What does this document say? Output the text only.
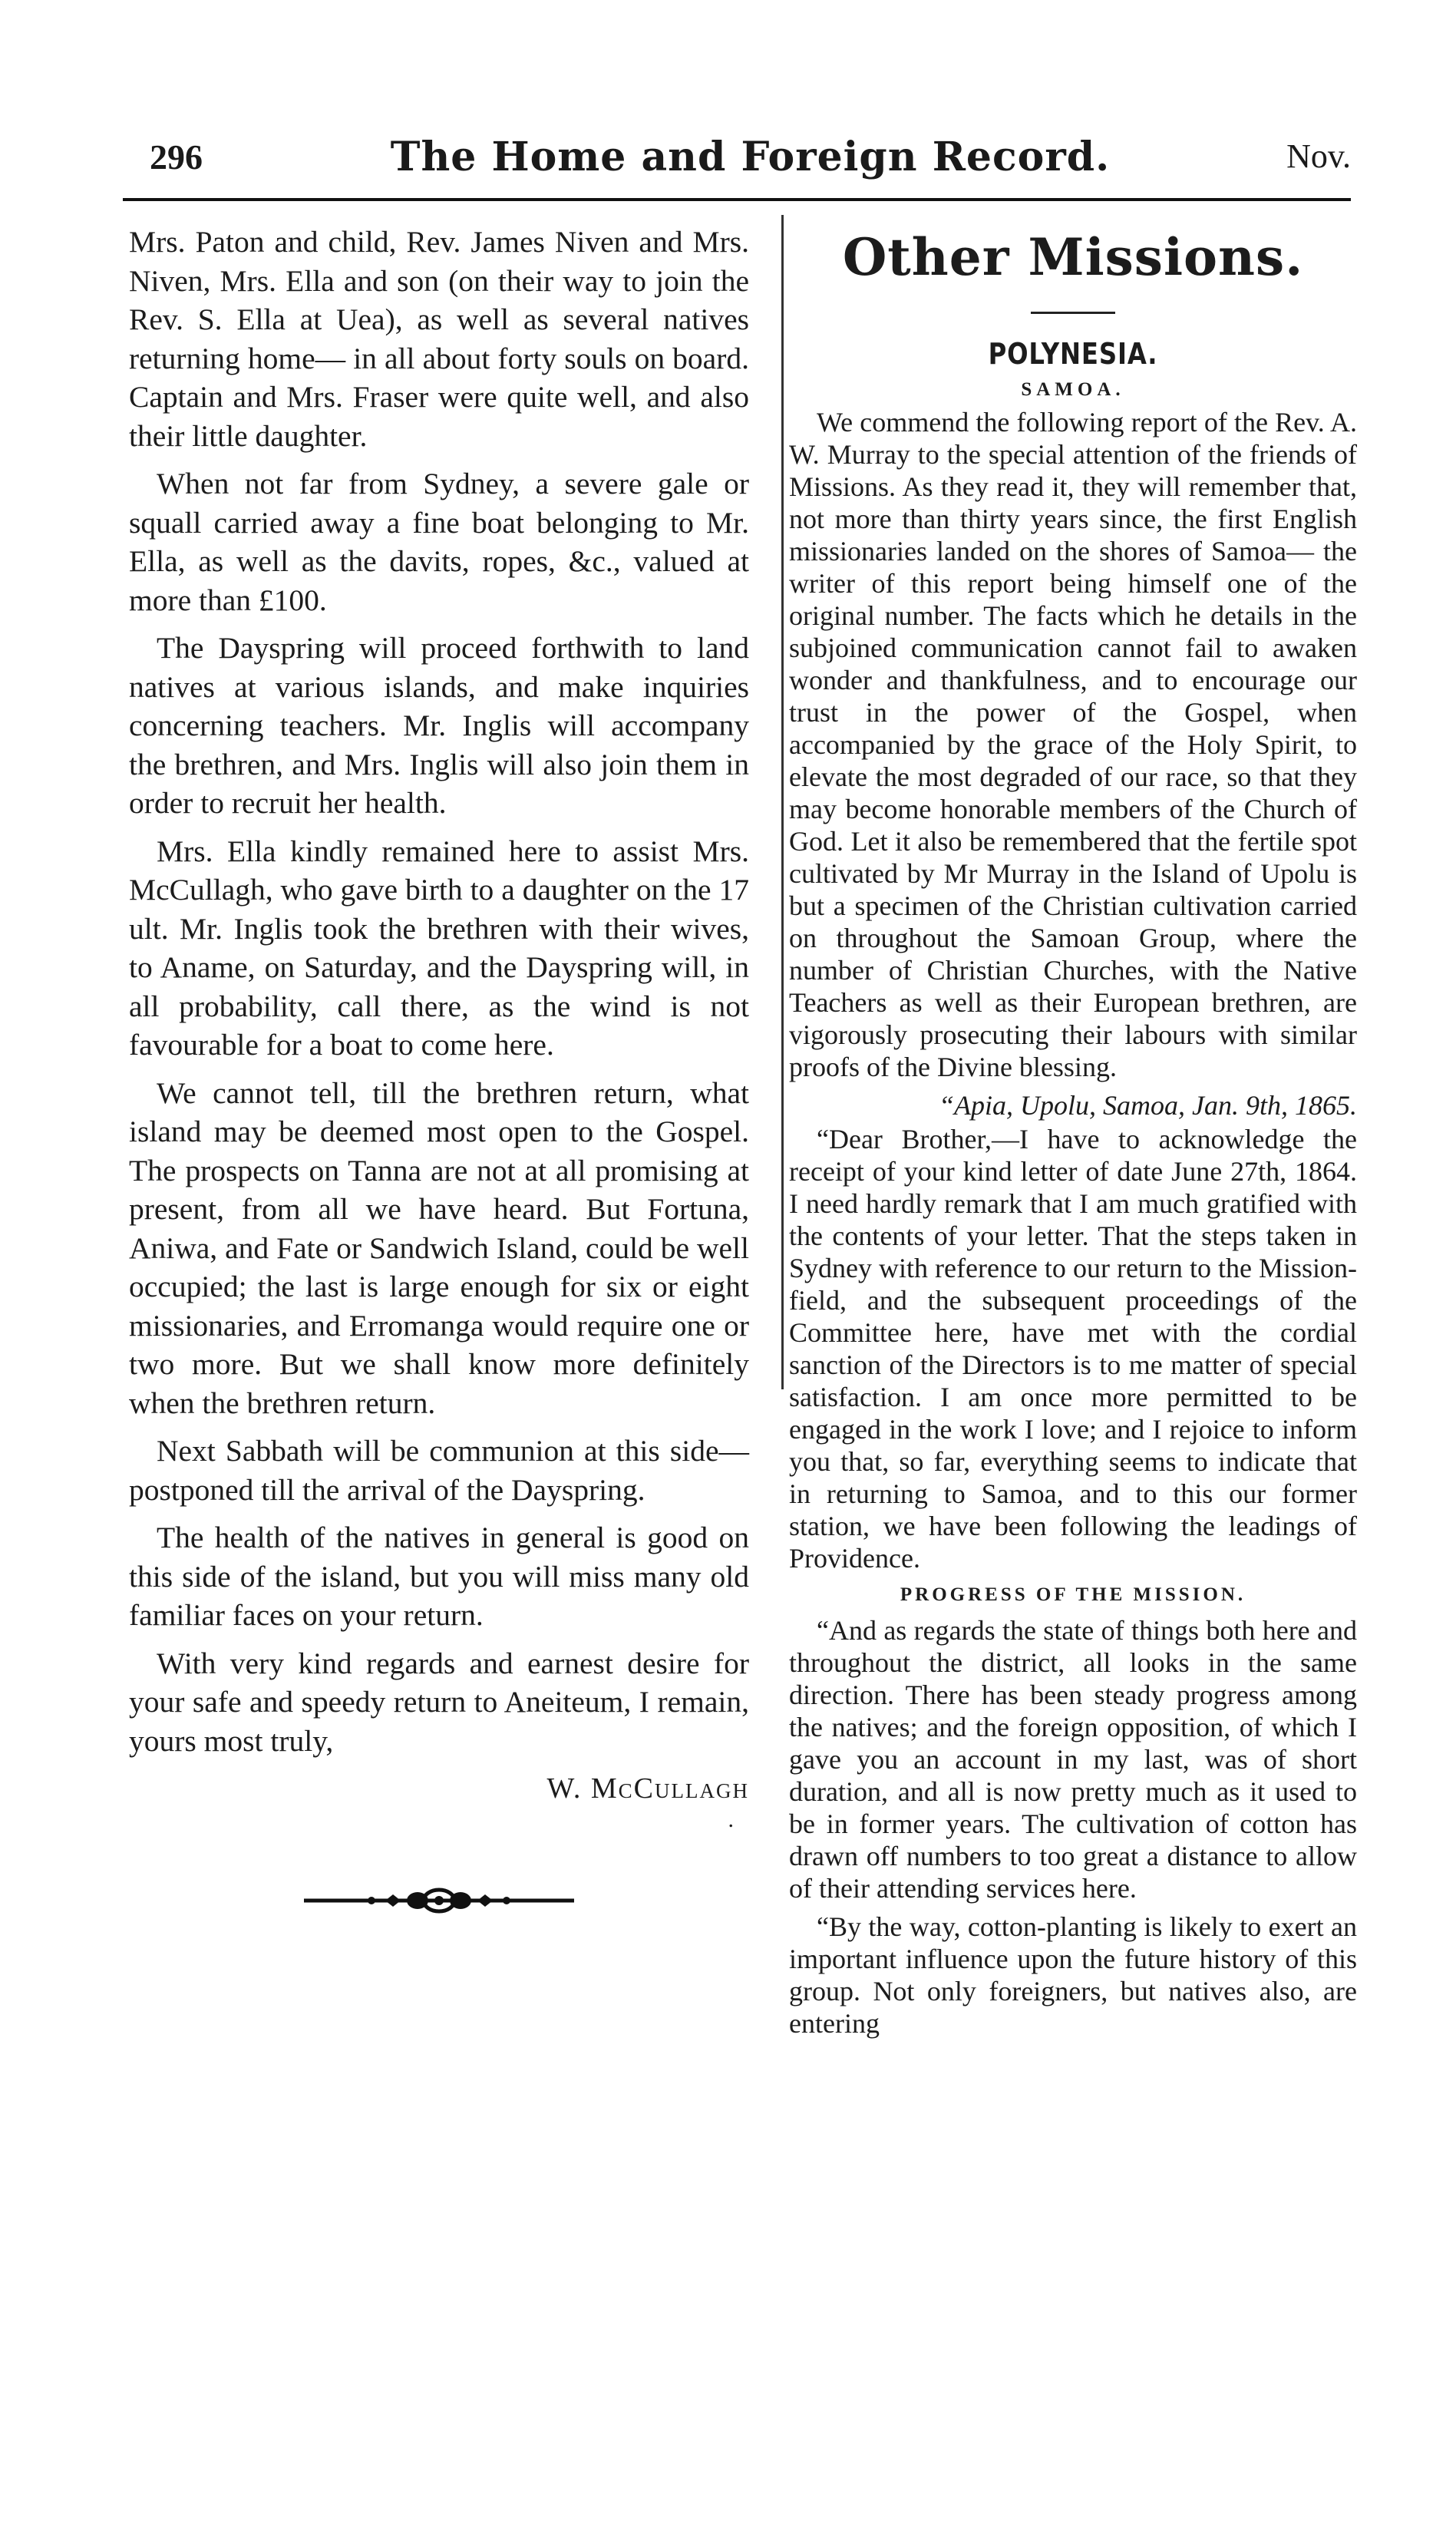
296	The Home and Foreign Record.	Nov.

Mrs. Paton and child, Rev. James Niven and Mrs. Niven, Mrs. Ella and son (on their way to join the Rev. S. Ella at Uea), as well as several natives returning home— in all about forty souls on board. Captain and Mrs. Fraser were quite well, and also their little daughter.

When not far from Sydney, a severe gale or squall carried away a fine boat belonging to Mr. Ella, as well as the davits, ropes, &c., valued at more than £100.

The Dayspring will proceed forthwith to land natives at various islands, and make inquiries concerning teachers. Mr. Inglis will accompany the brethren, and Mrs. Inglis will also join them in order to recruit her health.

Mrs. Ella kindly remained here to assist Mrs. McCullagh, who gave birth to a daughter on the 17 ult. Mr. Inglis took the brethren with their wives, to Aname, on Saturday, and the Dayspring will, in all probability, call there, as the wind is not favourable for a boat to come here.

We cannot tell, till the brethren return, what island may be deemed most open to the Gospel. The prospects on Tanna are not at all promising at present, from all we have heard. But Fortuna, Aniwa, and Fate or Sandwich Island, could be well occupied; the last is large enough for six or eight missionaries, and Erromanga would require one or two more. But we shall know more definitely when the brethren return.

Next Sabbath will be communion at this side—postponed till the arrival of the Dayspring.

The health of the natives in general is good on this side of the island, but you will miss many old familiar faces on your return.

With very kind regards and earnest desire for your safe and speedy return to Aneiteum, I remain, yours most truly,

W. McCullagh
.
Other Missions.
POLYNESIA.
SAMOA.

We commend the following report of the Rev. A. W. Murray to the special attention of the friends of Missions. As they read it, they will remember that, not more than thirty years since, the first English missionaries landed on the shores of Samoa— the writer of this report being himself one of the original number. The facts which he details in the subjoined communication cannot fail to awaken wonder and thankfulness, and to encourage our trust in the power of the Gospel, when accompanied by the grace of the Holy Spirit, to elevate the most degraded of our race, so that they may become honorable members of the Church of God. Let it also be remembered that the fertile spot cultivated by Mr Murray in the Island of Upolu is but a specimen of the Christian cultivation carried on throughout the Samoan Group, where the number of Christian Churches, with the Native Teachers as well as their European brethren, are vigorously prosecuting their labours with similar proofs of the Divine blessing.

“Apia, Upolu, Samoa, Jan. 9th, 1865.

“Dear Brother,—I have to acknowledge the receipt of your kind letter of date June 27th, 1864. I need hardly remark that I am much gratified with the contents of your letter. That the steps taken in Sydney with reference to our return to the Mission-field, and the subsequent proceedings of the Committee here, have met with the cordial sanction of the Directors is to me matter of special satisfaction. I am once more permitted to be engaged in the work I love; and I rejoice to inform you that, so far, everything seems to indicate that in returning to Samoa, and to this our former station, we have been following the leadings of Providence.

PROGRESS OF THE MISSION.

“And as regards the state of things both here and throughout the district, all looks in the same direction. There has been steady progress among the natives; and the foreign opposition, of which I gave you an account in my last, was of short duration, and all is now pretty much as it used to be in former years. The cultivation of cotton has drawn off numbers to too great a distance to allow of their attending services here.

“By the way, cotton-planting is likely to exert an important influence upon the future history of this group. Not only foreigners, but natives also, are entering
